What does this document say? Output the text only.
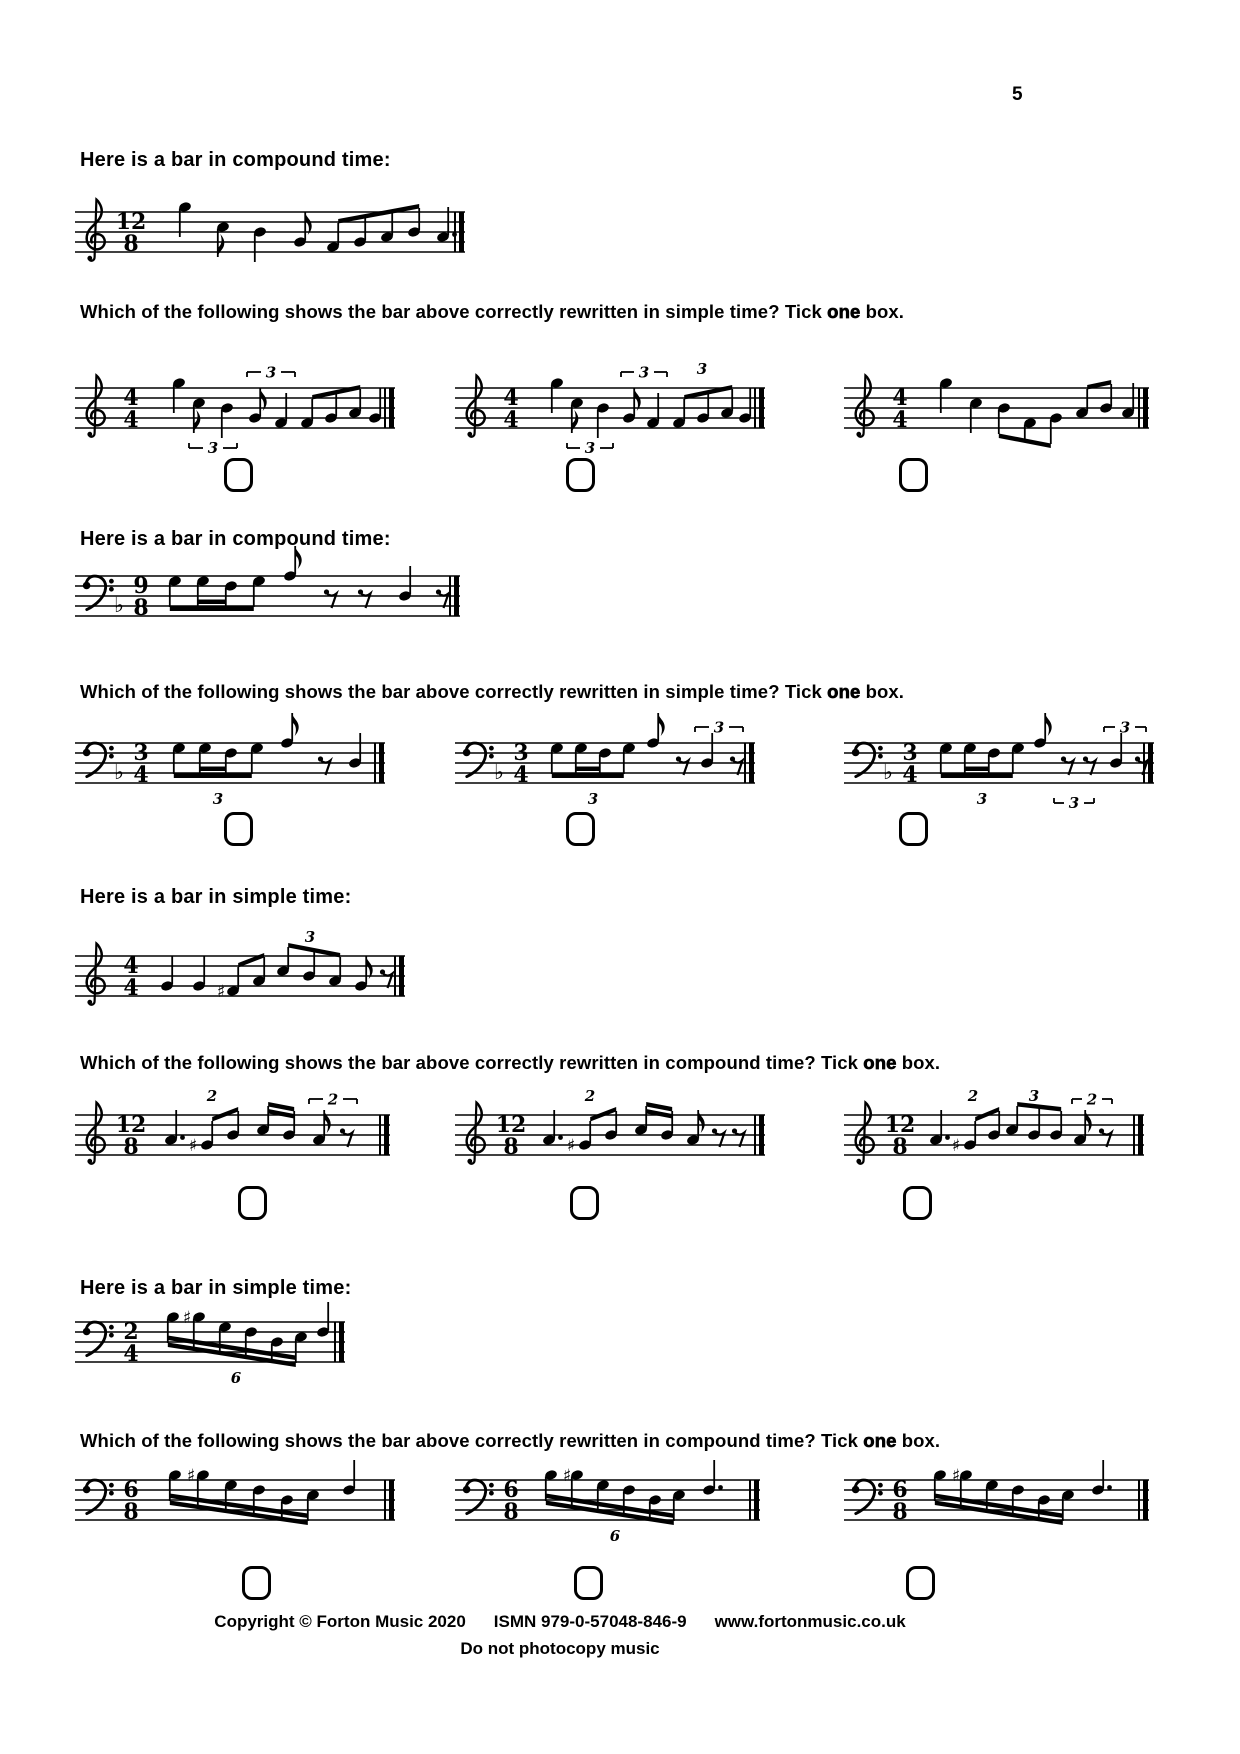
5
Here is a bar in compound time:
12
8

Which of the following shows the bar above correctly rewritten in simple time? Tick one box.

4
4
3
3
4
4
3
3	3
4
4
Here is a bar in compound time:
♭
9
8

Which of the following shows the bar above correctly rewritten in simple time? Tick one box.

♭
3
4
3
♭
3
4
3
3
♭
3
4
3	3
3
Here is a bar in simple time:
4
4	♯
3

Which of the following shows the bar above correctly rewritten in compound time? Tick one box.

12
8
2
♯
2
12
8
2
♯
12
8
2
♯
3	2
Here is a bar in simple time:
2
4
♯
6

Which of the following shows the bar above correctly rewritten in compound time? Tick one box.

6
8
♯
6
8
♯
6
6
8
♯
Copyright © Forton Music 2020 ISMN 979-0-57048-846-9 www.fortonmusic.co.uk
Do not photocopy music
